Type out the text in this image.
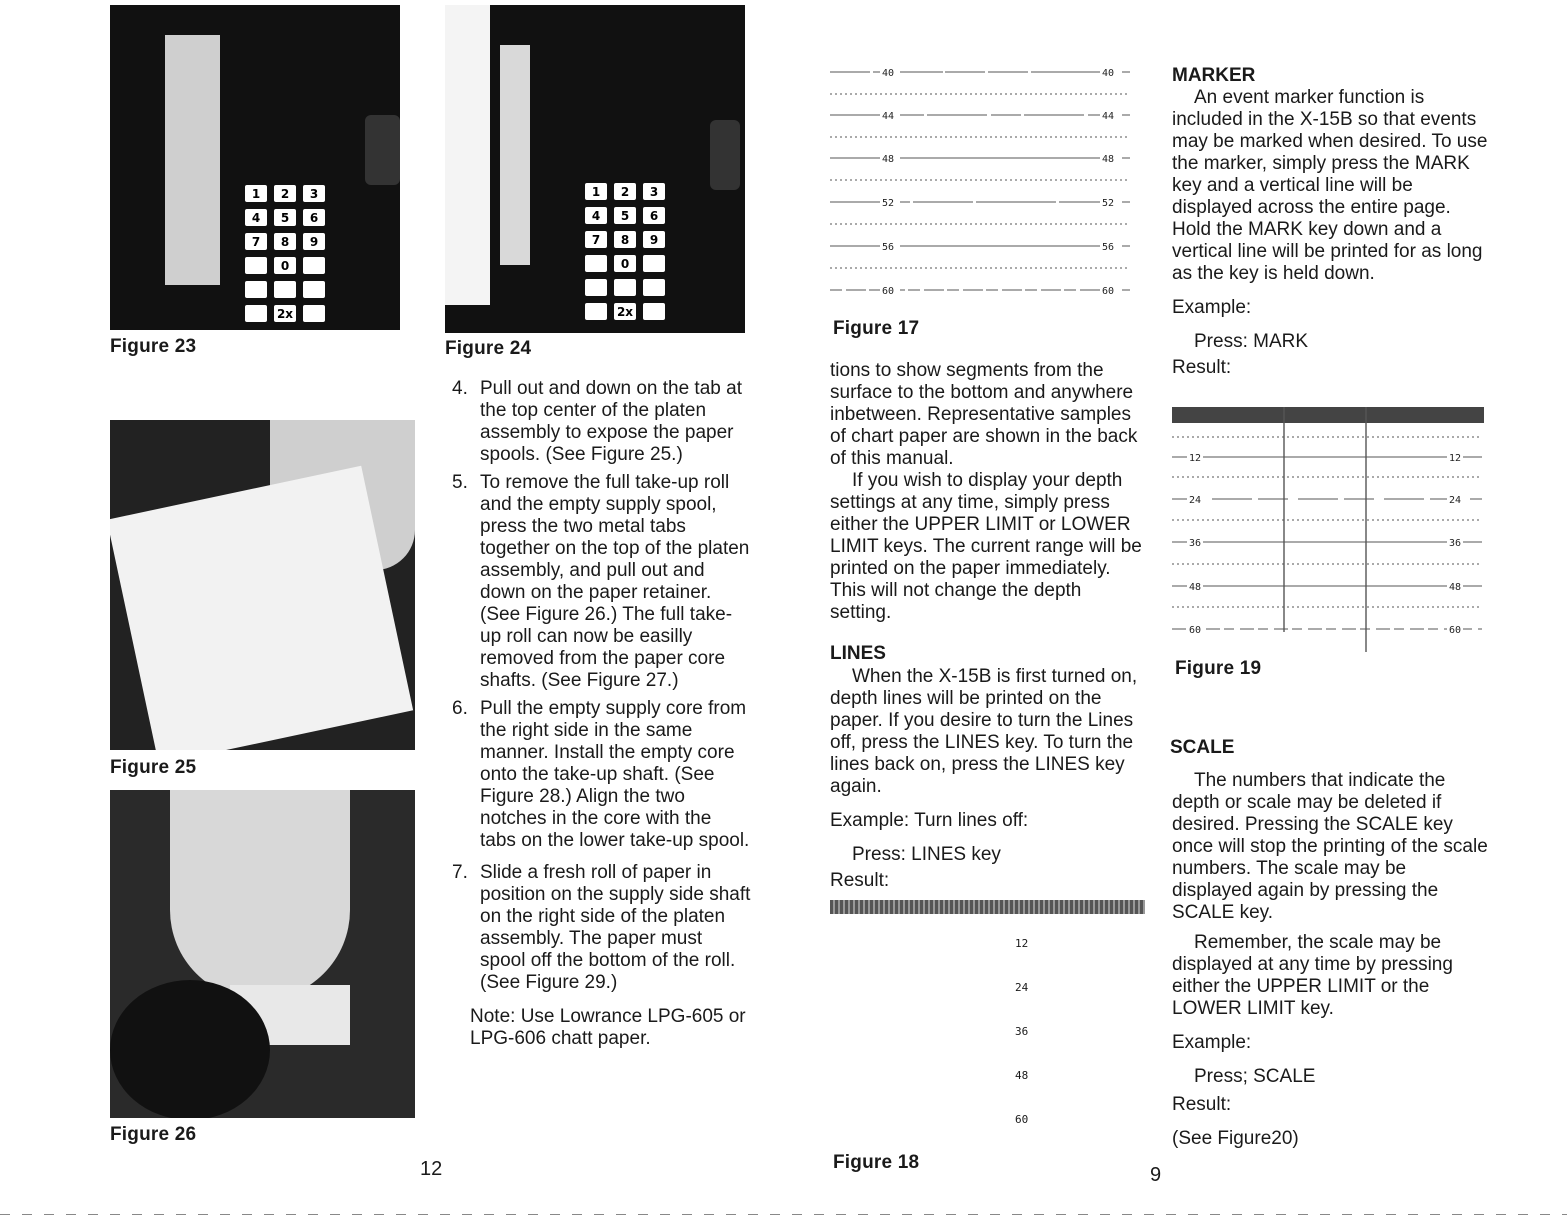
1	2	3
4	5	6
7	8	9
0
2x
Figure 23
1	2	3
4	5	6
7	8	9
0
2x
Figure 24
Figure 25
Figure 26
4. Pull out and down on the tab at the top center of the platen assembly to expose the paper spools. (See Figure 25.)
5. To remove the full take-up roll and the empty supply spool, press the two metal tabs together on the top of the platen assembly, and pull out and down on the paper retainer. (See Figure 26.) The full take-up roll can now be easilly removed from the paper core shafts. (See Figure 27.)
6. Pull the empty supply core from the right side in the same manner. Install the empty core onto the take-up shaft. (See Figure 28.) Align the two notches in the core with the tabs on the lower take-up spool.
7. Slide a fresh roll of paper in position on the supply side shaft on the right side of the platen assembly. The paper must spool off the bottom of the roll. (See Figure 29.)

Note: Use Lowrance LPG-605 or LPG-606 chatt paper.

12
40	40
44	44
48	48
52	52
56	56
60	60
Figure 17

tions to show segments from the surface to the bottom and anywhere inbetween. Representative samples of chart paper are shown in the back of this manual.

If you wish to display your depth settings at any time, simply press either the UPPER LIMIT or LOWER LIMIT keys. The current range will be printed on the paper immediately. This will not change the depth setting.

LINES

When the X-15B is first turned on, depth lines will be printed on the paper. If you desire to turn the Lines off, press the LINES key. To turn the lines back on, press the LINES key again.

Example: Turn lines off:

Press: LINES key

Result:

12
24
36
48
60
Figure 18
MARKER

An event marker function is included in the X-15B so that events may be marked when desired. To use the marker, simply press the MARK key and a vertical line will be displayed across the entire page. Hold the MARK key down and a vertical line will be printed for as long as the key is held down.

Example:

Press: MARK

Result:

12	12
24	24
36	36
48	48
60	60
Figure 19
SCALE

The numbers that indicate the depth or scale may be deleted if desired. Pressing the SCALE key once will stop the printing of the scale numbers. The scale may be displayed again by pressing the SCALE key.

Remember, the scale may be displayed at any time by pressing either the UPPER LIMIT or the LOWER LIMIT key.

Example:

Press; SCALE

Result:

(See Figure20)

9
